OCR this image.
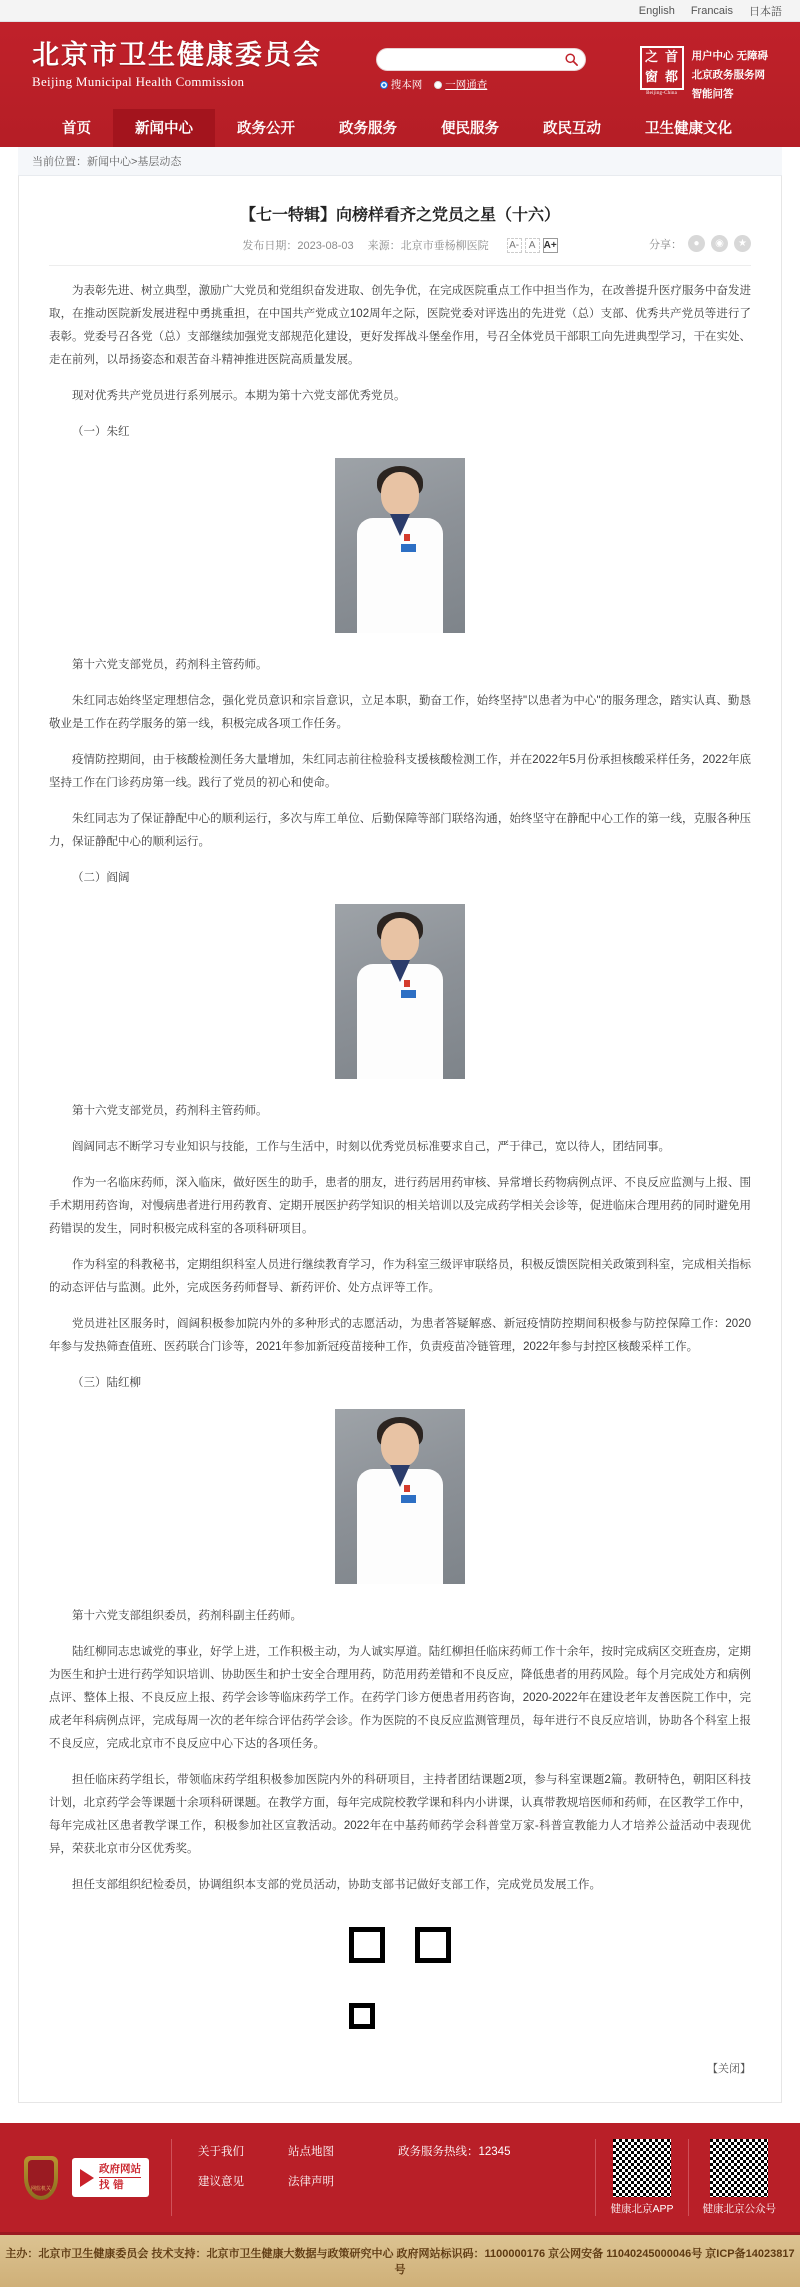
English Francais 日本語
北京市卫生健康委员会
Beijing Municipal Health Commission	搜本网 一网通查
之 首
窗 都
Beijing-China
用户中心 无障碍
北京政务服务网
智能问答
首页	新闻中心	政务公开	政务服务	便民服务	政民互动	卫生健康文化
当前位置：新闻中心>基层动态
【七一特辑】向榜样看齐之党员之星（十六）
发布日期：2023-08-03 来源：北京市垂杨柳医院 A- A A+	分享：	●	◉	★

为表彰先进、树立典型，激励广大党员和党组织奋发进取、创先争优，在完成医院重点工作中担当作为，在改善提升医疗服务中奋发进取，在推动医院新发展进程中勇挑重担，在中国共产党成立102周年之际，医院党委对评选出的先进党（总）支部、优秀共产党员等进行了表彰。党委号召各党（总）支部继续加强党支部规范化建设，更好发挥战斗堡垒作用，号召全体党员干部职工向先进典型学习，干在实处、走在前列，以昂扬姿态和艰苦奋斗精神推进医院高质量发展。

现对优秀共产党员进行系列展示。本期为第十六党支部优秀党员。

（一）朱红

第十六党支部党员，药剂科主管药师。

朱红同志始终坚定理想信念，强化党员意识和宗旨意识，立足本职，勤奋工作，始终坚持"以患者为中心"的服务理念，踏实认真、勤恳敬业是工作在药学服务的第一线，积极完成各项工作任务。

疫情防控期间，由于核酸检测任务大量增加，朱红同志前往检验科支援核酸检测工作，并在2022年5月份承担核酸采样任务，2022年底坚持工作在门诊药房第一线。践行了党员的初心和使命。

朱红同志为了保证静配中心的顺利运行，多次与库工单位、后勤保障等部门联络沟通，始终坚守在静配中心工作的第一线，克服各种压力，保证静配中心的顺利运行。

（二）阎阔

第十六党支部党员，药剂科主管药师。

阎阔同志不断学习专业知识与技能，工作与生活中，时刻以优秀党员标准要求自己，严于律己，宽以待人，团结同事。

作为一名临床药师，深入临床，做好医生的助手，患者的朋友，进行药居用药审核、异常增长药物病例点评、不良反应监测与上报、围手术期用药咨询，对慢病患者进行用药教育、定期开展医护药学知识的相关培训以及完成药学相关会诊等，促进临床合理用药的同时避免用药错误的发生，同时积极完成科室的各项科研项目。

作为科室的科教秘书，定期组织科室人员进行继续教育学习，作为科室三级评审联络员，积极反馈医院相关政策到科室，完成相关指标的动态评估与监测。此外，完成医务药师督导、新药评价、处方点评等工作。

党员进社区服务时，阎阔积极参加院内外的多种形式的志愿活动，为患者答疑解惑、新冠疫情防控期间积极参与防控保障工作：2020年参与发热筛查值班、医药联合门诊等，2021年参加新冠疫苗接种工作，负责疫苗冷链管理，2022年参与封控区核酸采样工作。

（三）陆红柳

第十六党支部组织委员，药剂科副主任药师。

陆红柳同志忠诚党的事业，好学上进，工作积极主动，为人诚实厚道。陆红柳担任临床药师工作十余年，按时完成病区交班查房，定期为医生和护士进行药学知识培训、协助医生和护士安全合理用药，防范用药差错和不良反应，降低患者的用药风险。每个月完成处方和病例点评、整体上报、不良反应上报、药学会诊等临床药学工作。在药学门诊方便患者用药咨询，2020-2022年在建设老年友善医院工作中，完成老年科病例点评，完成每周一次的老年综合评估药学会诊。作为医院的不良反应监测管理员，每年进行不良反应培训，协助各个科室上报不良反应，完成北京市不良反应中心下达的各项任务。

担任临床药学组长，带领临床药学组积极参加医院内外的科研项目，主持者团结课题2项，参与科室课题2篇。教研特色，朝阳区科技计划，北京药学会等课题十余项科研课题。在教学方面，每年完成院校教学课和科内小讲课，认真带教规培医师和药师，在区教学工作中，每年完成社区患者教学课工作，积极参加社区宣教活动。2022年在中基药师药学会科普堂万家-科普宣教能力人才培养公益活动中表现优异，荣获北京市分区优秀奖。

担任支部组织纪检委员，协调组织本支部的党员活动，协助支部书记做好支部工作，完成党员发展工作。

【关闭】
网监机关
政府网站
找 错
关于我们	站点地图	政务服务热线：12345
建议意见	法律声明
健康北京APP	健康北京公众号
主办：北京市卫生健康委员会 技术支持：北京市卫生健康大数据与政策研究中心 政府网站标识码：1100000176 京公网安备 11040245000046号 京ICP备14023817号
